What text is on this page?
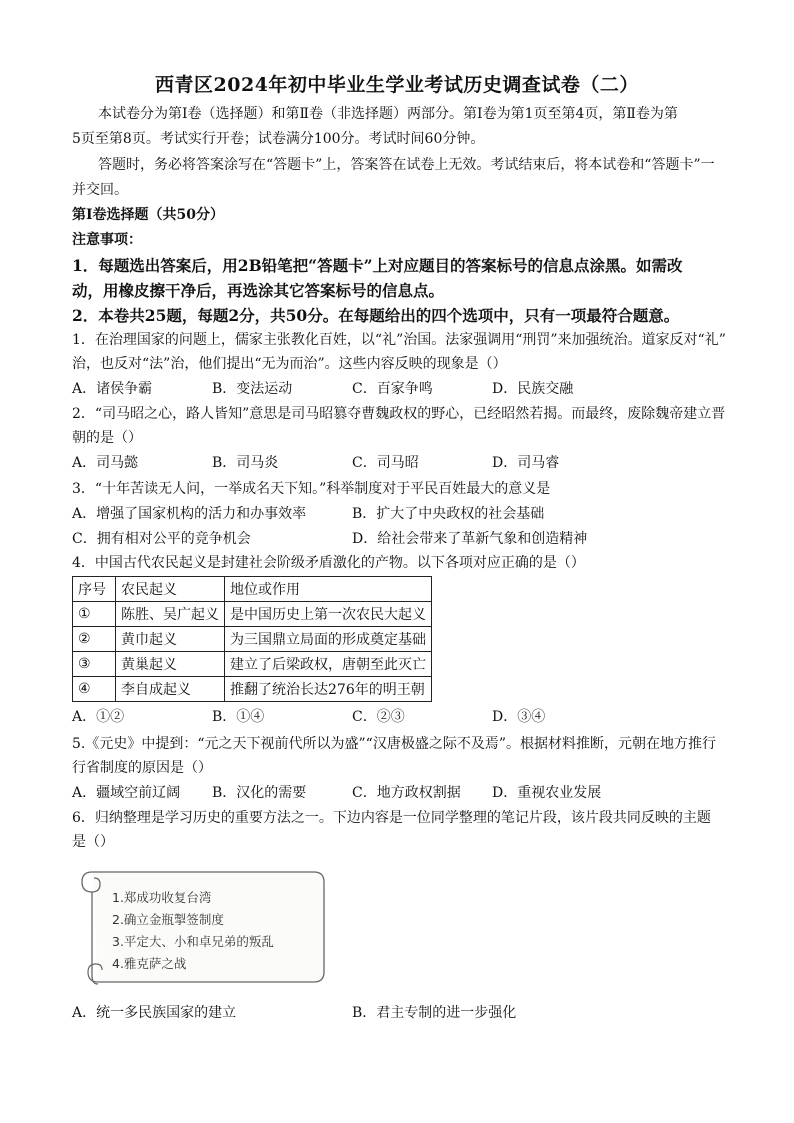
西青区2024年初中毕业生学业考试历史调查试卷（二）
本试卷分为第Ⅰ卷（选择题）和第Ⅱ卷（非选择题）两部分。第Ⅰ卷为第1页至第4页，第Ⅱ卷为第
5页至第8页。考试实行开卷；试卷满分100分。考试时间60分钟。
答题时，务必将答案涂写在“答题卡”上，答案答在试卷上无效。考试结束后，将本试卷和“答题卡”一
并交回。
第Ⅰ卷选择题（共50分）
注意事项：
1．每题选出答案后，用2B铅笔把“答题卡”上对应题目的答案标号的信息点涂黑。如需改
动，用橡皮擦干净后，再选涂其它答案标号的信息点。
2．本卷共25题，每题2分，共50分。在每题给出的四个选项中，只有一项最符合题意。
1．在治理国家的问题上，儒家主张教化百姓，以“礼”治国。法家强调用“刑罚”来加强统治。道家反对“礼”
治，也反对“法”治，他们提出“无为而治”。这些内容反映的现象是（）
A．诸侯争霸	B．变法运动	C．百家争鸣	D．民族交融
2．“司马昭之心，路人皆知”意思是司马昭篡夺曹魏政权的野心，已经昭然若揭。而最终，废除魏帝建立晋
朝的是（）
A．司马懿	B．司马炎	C．司马昭	D．司马睿
3．“十年苦读无人问，一举成名天下知。”科举制度对于平民百姓最大的意义是
A．增强了国家机构的活力和办事效率	B．扩大了中央政权的社会基础
C．拥有相对公平的竞争机会	D．给社会带来了革新气象和创造精神
4．中国古代农民起义是封建社会阶级矛盾激化的产物。以下各项对应正确的是（）
序号	农民起义	地位或作用
①	陈胜、吴广起义	是中国历史上第一次农民大起义
②	黄巾起义	为三国鼎立局面的形成奠定基础
③	黄巢起义	建立了后梁政权，唐朝至此灭亡
④	李自成起义	推翻了统治长达276年的明王朝
A．①②	B．①④	C．②③	D．③④
5.《元史》中提到：“元之天下视前代所以为盛”“汉唐极盛之际不及焉”。根据材料推断，元朝在地方推行
行省制度的原因是（）
A．疆域空前辽阔 B．汉化的需要	C．地方政权割据 D．重视农业发展
6．归纳整理是学习历史的重要方法之一。下边内容是一位同学整理的笔记片段，该片段共同反映的主题
是（）
1.郑成功收复台湾
2.确立金瓶掣签制度
3.平定大、小和卓兄弟的叛乱
4.雅克萨之战
A．统一多民族国家的建立	B．君主专制的进一步强化
